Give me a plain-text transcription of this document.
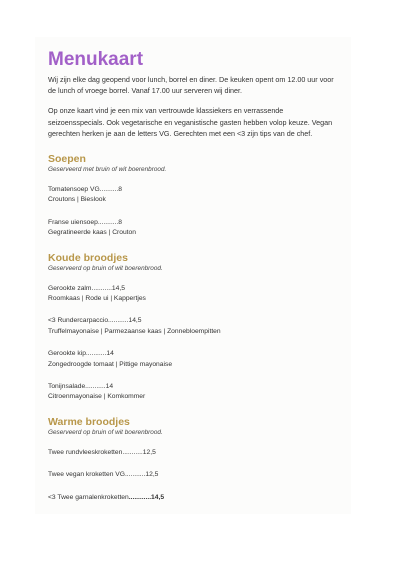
Menukaart

Wij zijn elke dag geopend voor lunch, borrel en diner. De keuken opent om 12.00 uur voor de lunch of vroege borrel. Vanaf 17.00 uur serveren wij diner.

Op onze kaart vind je een mix van vertrouwde klassiekers en verrassende seizoensspecials. Ook vegetarische en veganistische gasten hebben volop keuze. Vegan gerechten herken je aan de letters VG. Gerechten met een <3 zijn tips van de chef.

Soepen
Geserveerd met bruin of wit boerenbrood.
Tomatensoep VG..........8
Croutons | Bieslook
Franse uiensoep...........8
Gegratineerde kaas | Crouton
Koude broodjes
Geserveerd op bruin of wit boerenbrood.
Gerookte zalm...........14,5
Roomkaas | Rode ui | Kappertjes
<3 Rundercarpaccio...........14,5
Truffelmayonaise | Parmezaanse kaas | Zonnebloempitten
Gerookte kip...........14
Zongedroogde tomaat | Pittige mayonaise
Tonijnsalade...........14
Citroenmayonaise | Komkommer
Warme broodjes
Geserveerd op bruin of wit boerenbrood.
Twee rundvleeskroketten...........12,5
Twee vegan kroketten VG...........12,5
<3 Twee garnalenkroketten............14,5
